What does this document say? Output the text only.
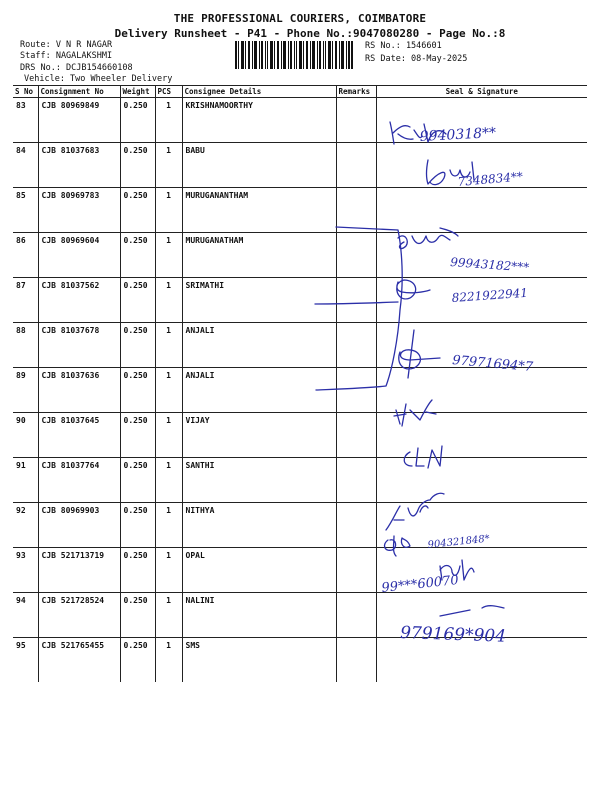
THE PROFESSIONAL COURIERS, COIMBATORE
Delivery Runsheet - P41 - Phone No.:9047080280 - Page No.:8
Route: V N R NAGAR
Staff: NAGALAKSHMI
DRS No.: DCJB154660108
Vehicle: Two Wheeler Delivery
RS No.: 1546601
RS Date: 08-May-2025
S No	Consignment No	Weight	PCS	Consignee Details	Remarks	Seal & Signature
83	CJB 80969849	0.250	1	KRISHNAMOORTHY		
84	CJB 81037683	0.250	1	BABU		
85	CJB 80969783	0.250	1	MURUGANANTHAM		
86	CJB 80969604	0.250	1	MURUGANATHAM		
87	CJB 81037562	0.250	1	SRIMATHI		
88	CJB 81037678	0.250	1	ANJALI		
89	CJB 81037636	0.250	1	ANJALI		
90	CJB 81037645	0.250	1	VIJAY		
91	CJB 81037764	0.250	1	SANTHI		
92	CJB 80969903	0.250	1	NITHYA		
93	CJB 521713719	0.250	1	OPAL		
94	CJB 521728524	0.250	1	NALINI		
95	CJB 521765455	0.250	1	SMS		
9940318**
7348834**
99943182***
8221922941
97971694*7
904321848*
99***60070
979169*904
